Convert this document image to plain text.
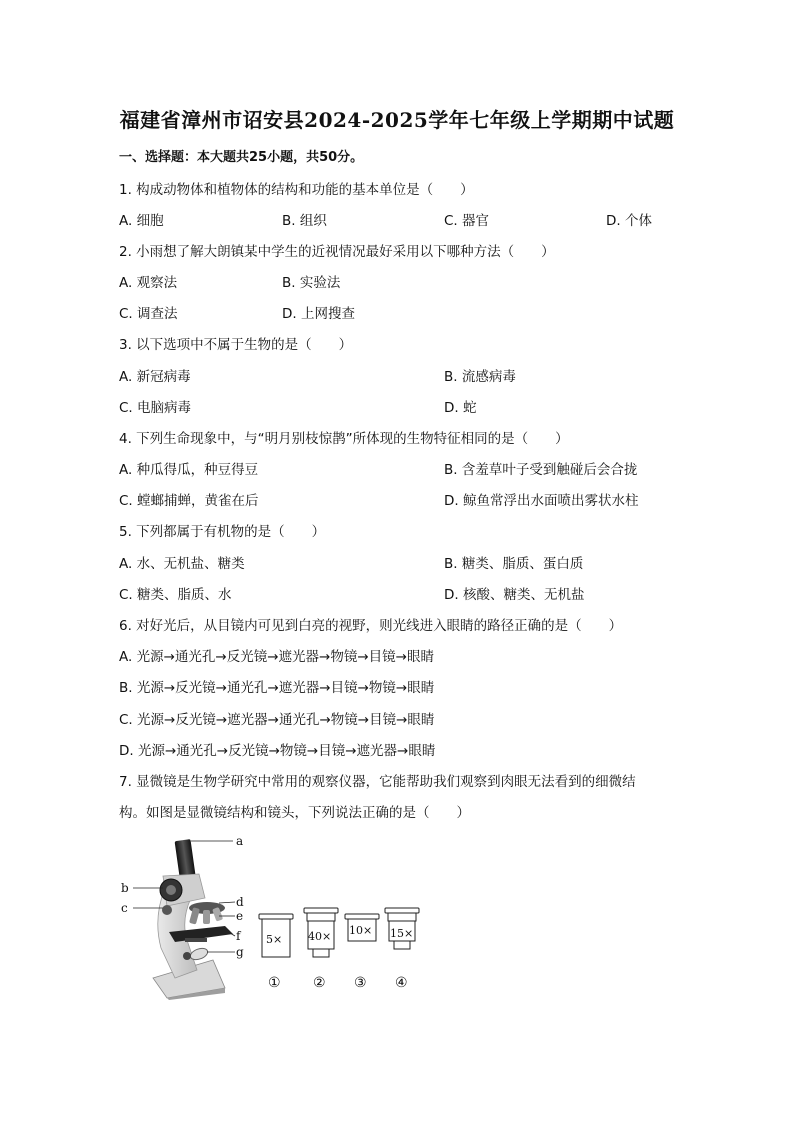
福建省漳州市诏安县2024-2025学年七年级上学期期中试题
一、选择题：本大题共25小题，共50分。
1. 构成动物体和植物体的结构和功能的基本单位是（　　）
A. 细胞	B. 组织	C. 器官	D. 个体
2. 小雨想了解大朗镇某中学生的近视情况最好采用以下哪种方法（　　）
A. 观察法	B. 实验法
C. 调查法	D. 上网搜查
3. 以下选项中不属于生物的是（　　）
A. 新冠病毒	B. 流感病毒
C. 电脑病毒	D. 蛇
4. 下列生命现象中，与“明月别枝惊鹊”所体现的生物特征相同的是（　　）
A. 种瓜得瓜，种豆得豆	B. 含羞草叶子受到触碰后会合拢
C. 螳螂捕蝉，黄雀在后	D. 鲸鱼常浮出水面喷出雾状水柱
5. 下列都属于有机物的是（　　）
A. 水、无机盐、糖类	B. 糖类、脂质、蛋白质
C. 糖类、脂质、水	D. 核酸、糖类、无机盐
6. 对好光后，从目镜内可见到白亮的视野，则光线进入眼睛的路径正确的是（　　）
A. 光源→通光孔→反光镜→遮光器→物镜→目镜→眼睛
B. 光源→反光镜→通光孔→遮光器→目镜→物镜→眼睛
C. 光源→反光镜→遮光器→通光孔→物镜→目镜→眼睛
D. 光源→通光孔→反光镜→物镜→目镜→遮光器→眼睛
7. 显微镜是生物学研究中常用的观察仪器，它能帮助我们观察到肉眼无法看到的细微结
构。如图是显微镜结构和镜头，下列说法正确的是（　　）
a
b
c	d
e
f
g
5× 40× 10× 15×
① ② ③ ④
